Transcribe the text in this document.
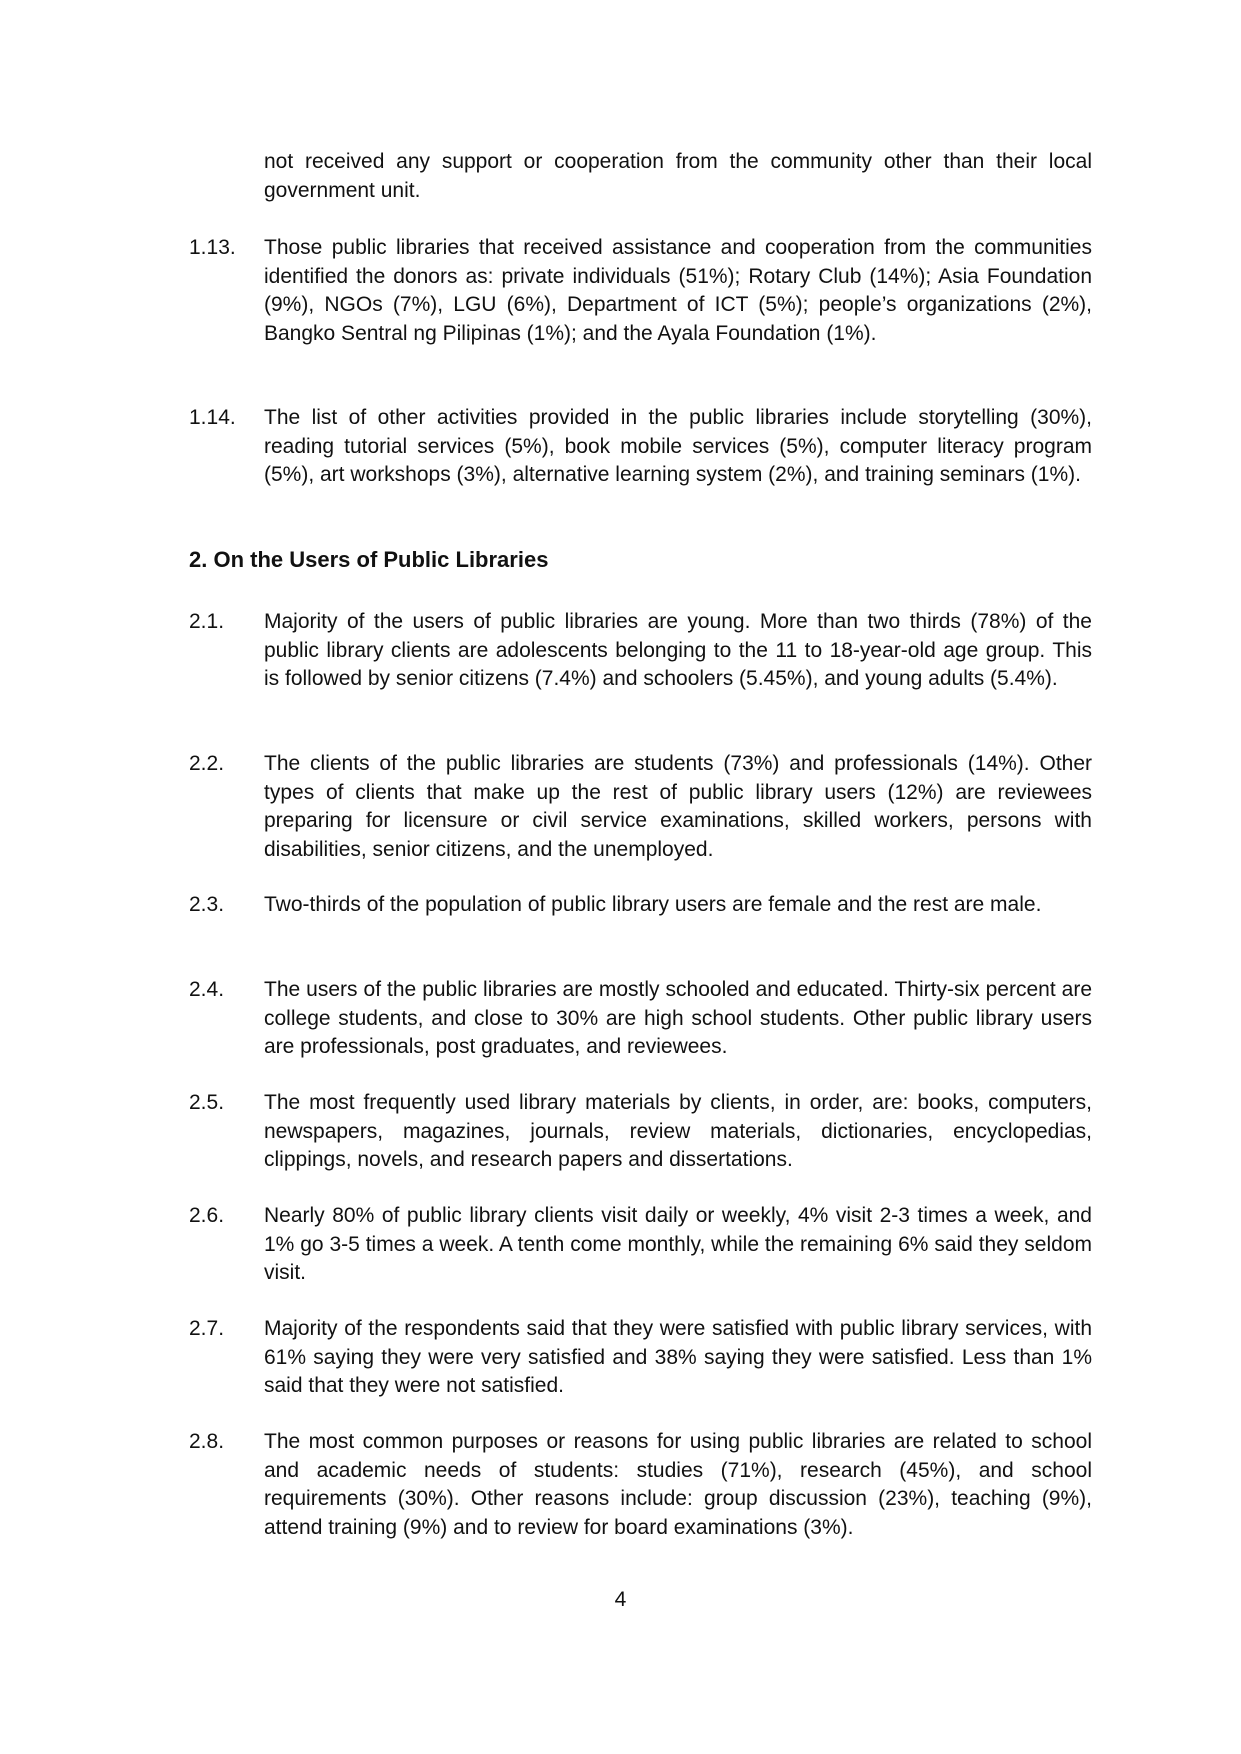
not received any support or cooperation from the community other than their local government unit.
1.13.	Those public libraries that received assistance and cooperation from the communities identified the donors as: private individuals (51%); Rotary Club (14%); Asia Foundation (9%), NGOs (7%), LGU (6%), Department of ICT (5%); people’s organizations (2%), Bangko Sentral ng Pilipinas (1%); and the Ayala Foundation (1%).
1.14.	The list of other activities provided in the public libraries include storytelling (30%), reading tutorial services (5%), book mobile services (5%), computer literacy program (5%), art workshops (3%), alternative learning system (2%), and training seminars (1%).
2. On the Users of Public Libraries
2.1.	Majority of the users of public libraries are young. More than two thirds (78%) of the public library clients are adolescents belonging to the 11 to 18-year-old age group. This is followed by senior citizens (7.4%) and schoolers (5.45%), and young adults (5.4%).
2.2.	The clients of the public libraries are students (73%) and professionals (14%). Other types of clients that make up the rest of public library users (12%) are reviewees preparing for licensure or civil service examinations, skilled workers, persons with disabilities, senior citizens, and the unemployed.
2.3.	Two-thirds of the population of public library users are female and the rest are male.
2.4.	The users of the public libraries are mostly schooled and educated. Thirty-six percent are college students, and close to 30% are high school students. Other public library users are professionals, post graduates, and reviewees.
2.5.	The most frequently used library materials by clients, in order, are: books, computers, newspapers, magazines, journals, review materials, dictionaries, encyclopedias, clippings, novels, and research papers and dissertations.
2.6.	Nearly 80% of public library clients visit daily or weekly, 4% visit 2-3 times a week, and 1% go 3-5 times a week. A tenth come monthly, while the remaining 6% said they seldom visit.
2.7.	Majority of the respondents said that they were satisfied with public library services, with 61% saying they were very satisfied and 38% saying they were satisfied. Less than 1% said that they were not satisfied.
2.8.	The most common purposes or reasons for using public libraries are related to school and academic needs of students: studies (71%), research (45%), and school requirements (30%). Other reasons include: group discussion (23%), teaching (9%), attend training (9%) and to review for board examinations (3%).
4
